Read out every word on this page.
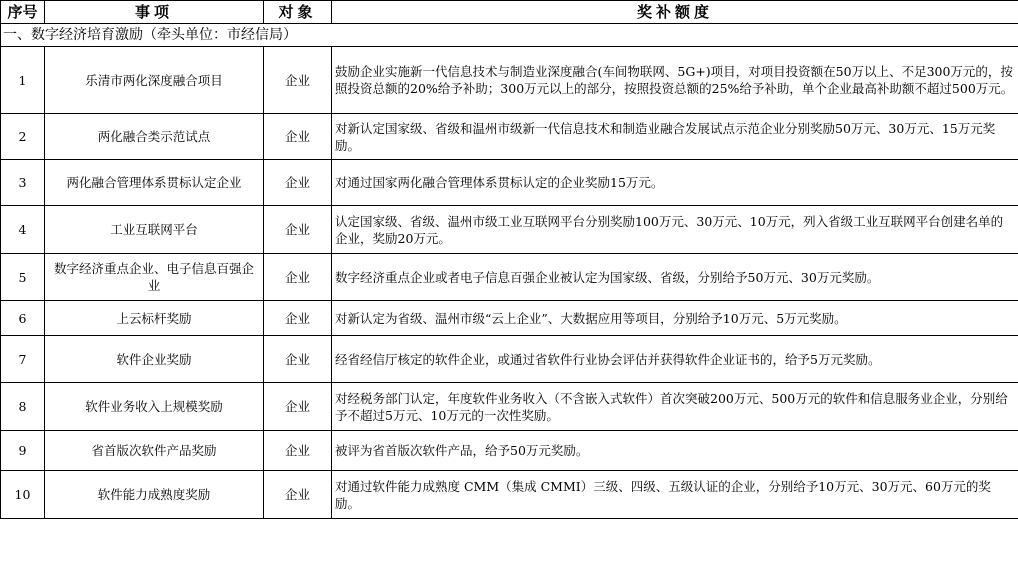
序号	事项	对象	奖补额度
一、数字经济培育激励（牵头单位：市经信局）			
1	乐清市两化深度融合项目	企业	鼓励企业实施新一代信息技术与制造业深度融合(车间物联网、5G+)项目，对项目投资额在50万以上、不足300万元的，按照投资总额的20%给予补助；300万元以上的部分，按照投资总额的25%给予补助，单个企业最高补助额不超过500万元。
2	两化融合类示范试点	企业	对新认定国家级、省级和温州市级新一代信息技术和制造业融合发展试点示范企业分别奖励50万元、30万元、15万元奖励。
3	两化融合管理体系贯标认定企业	企业	对通过国家两化融合管理体系贯标认定的企业奖励15万元。
4	工业互联网平台	企业	认定国家级、省级、温州市级工业互联网平台分别奖励100万元、30万元、10万元，列入省级工业互联网平台创建名单的企业，奖励20万元。
5	数字经济重点企业、电子信息百强企业	企业	数字经济重点企业或者电子信息百强企业被认定为国家级、省级，分别给予50万元、30万元奖励。
6	上云标杆奖励	企业	对新认定为省级、温州市级“云上企业”、大数据应用等项目，分别给予10万元、5万元奖励。
7	软件企业奖励	企业	经省经信厅核定的软件企业，或通过省软件行业协会评估并获得软件企业证书的，给予5万元奖励。
8	软件业务收入上规模奖励	企业	对经税务部门认定，年度软件业务收入（不含嵌入式软件）首次突破200万元、500万元的软件和信息服务业企业，分别给予不超过5万元、10万元的一次性奖励。
9	省首版次软件产品奖励	企业	被评为省首版次软件产品，给予50万元奖励。
10	软件能力成熟度奖励	企业	对通过软件能力成熟度 CMM（集成 CMMI）三级、四级、五级认证的企业，分别给予10万元、30万元、60万元的奖励。
